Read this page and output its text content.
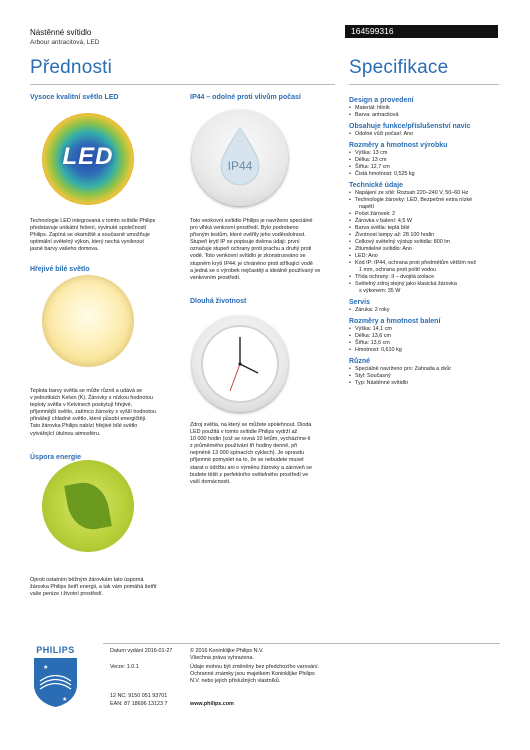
Nástěnné svítidlo
Arbour antracitová, LED
164599316
Přednosti	Specifikace
Vysoce kvalitní světlo LED
LED
Technologie LED integrovaná v tomto svítidle Philips
představuje unikátní řešení, vyvinuté společností
Philips. Zapíná se okamžitě a současně umožňuje
optimální světelný výkon, který nechá vyniknout
jasné barvy vašeho domova.
Hřejivé bílé světlo
Teplota barvy světla se může různit a udává se
v jednotkách Kelvin (K). Žárovky s nízkou hodnotou
teploty světla v Kelvinech poskytují hřejivé,
příjemnější světlo, zatímco žárovky s vyšší hodnotou
přinášejí chladné světlo, které působí energičtěji.
Tato žárovka Philips nabízí hřejivé bílé světlo
vytvářející útulnou atmosféru.
Úspora energie
Oproti ostatním běžným žárovkám tato úsporná
žárovka Philips šetří energii, a tak vám pomáhá šetřit
vaše peníze i životní prostředí.
IP44 – odolné proti vlivům počasí
IP44
Toto venkovní svítidlo Philips je navrženo speciálně
pro vlhká venkovní prostředí. Bylo podrobeno
přísným testům, které ověřily jeho voděodolnost.
Stupeň krytí IP se popisuje dvěma údaji: první
označuje stupeň ochrany proti prachu a druhý proti
vodě. Toto venkovní svítidlo je zkonstruováno se
stupněm krytí IP44: je chráněno proti stříkající vodě
a jedná se o výrobek nejčastěji a ideálně používaný ve
venkovním prostředí.
Dlouhá životnost
Zdroj světla, na který se můžete spolehnout. Dioda
LED použitá v tomto svítidle Philips vydrží až
10 000 hodin (což se rovná 10 letům, vycházíme-li
z průměrného používání tří hodiny denně, při
nejméně 13 000 spínacích cyklech). Je opravdu
příjemné pomyslet na to, že se nebudete muset
starat o údržbu ani o výměnu žárovky a zároveň se
budete těšit z perfektního světelného prostředí ve
vaší domácnosti.
Design a provedení
• Materiál: hliník
• Barva: antracitová
Obsahuje funkce/příslušenství navíc
• Odolné vůči počasí: Ano
Rozměry a hmotnost výrobku
• Výška: 13 cm
• Délka: 13 cm
• Šířka: 12,7 cm
• Čistá hmotnost: 0,525 kg
Technické údaje
• Napájení ze sítě: Rozsah 220–240 V, 50–60 Hz
• Technologie žárovky: LED, Bezpečné extra nízké
napětí
• Počet žárovek: 2
• Žárovka v balení: 4,5 W
• Barva světla: teplá bílé
• Životnost lampy až: 28 100 hodin
• Celkový světelný výstup svítidla: 800 lm
• Ztlumitelné svítidlo: Ano
• LED: Ano
• Kód IP: IP44, ochrana proti předmětům větším než
1 mm, ochrana proti polití vodou
• Třída ochrany: II – dvojitá izolace
• Světelný zdroj stejný jako klasická žárovka
s výkonem: 35 W
Servis
• Záruka: 2 roky
Rozměry a hmotnost balení
• Výška: 14,1 cm
• Délka: 13,6 cm
• Šířka: 13,6 cm
• Hmotnost: 0,610 kg
Různé
• Speciálně navrženo pro: Zahrada a dvůr
• Styl: Současný
• Typ: Nástěnné svítidlo
PHILIPS
★
★
Datum vydání 2016-01-27
Verze: 1.0.1
12 NC: 9150 051 93701
EAN: 87 18696 13123 7
© 2016 Koninklijke Philips N.V.
Všechna práva vyhrazena.
Údaje mohou být změněny bez předchozího varování.
Ochranné známky jsou majetkem Koninklijke Philips
N.V. nebo jejich příslušných vlastníků.
www.philips.com
